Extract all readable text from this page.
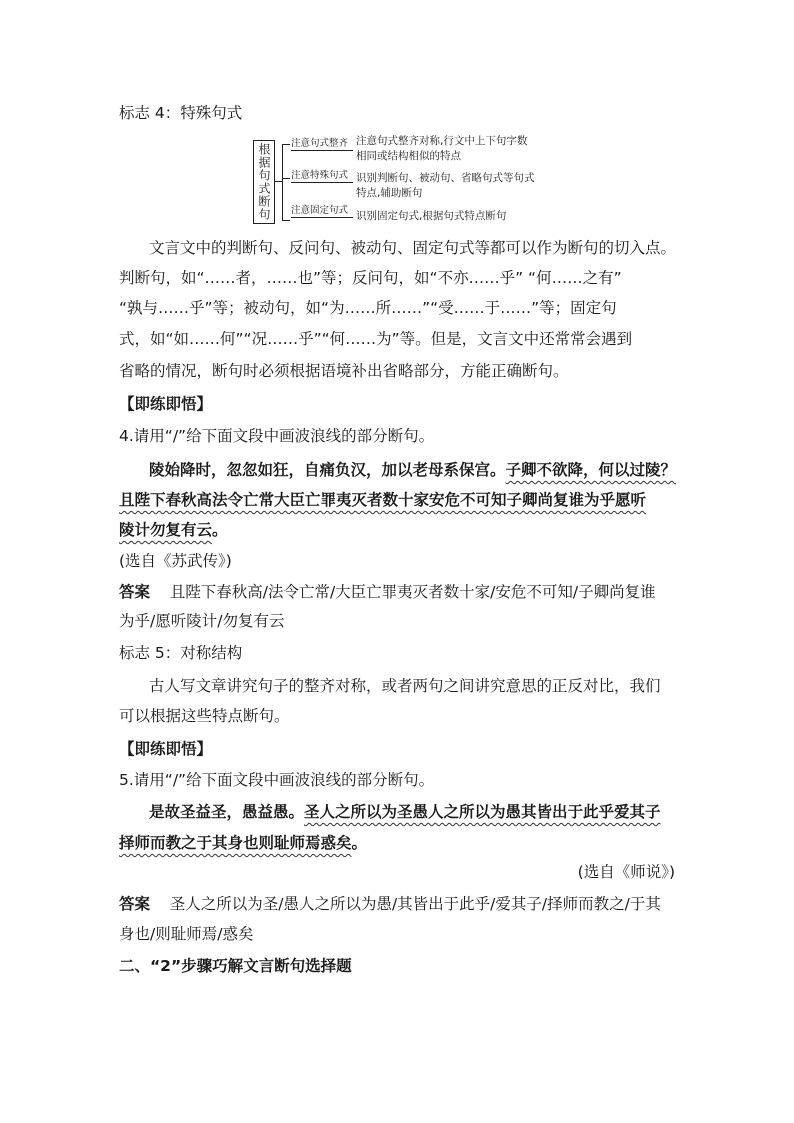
标志 4：特殊句式
根据句式断句 注意句式整齐 注意句式整齐对称,行文中上下句字数
相同或结构相似的特点
注意特殊句式 识别判断句、被动句、省略句式等句式
特点,辅助断句
注意固定句式 识别固定句式,根据句式特点断句
文言文中的判断句、反问句、被动句、固定句式等都可以作为断句的切入点。
判断句，如“……者，……也”等；反问句，如“不亦……乎” “何……之有”
“孰与……乎”等；被动句，如“为……所……”“受……于……”等；固定句
式，如“如……何”“况……乎”“何……为”等。但是，文言文中还常常会遇到
省略的情况，断句时必须根据语境补出省略部分，方能正确断句。
【即练即悟】
4.请用“/”给下面文段中画波浪线的部分断句。
陵始降时，忽忽如狂，自痛负汉，加以老母系保宫。子卿不欲降，何以过陵？
且陛下春秋高法令亡常大臣亡罪夷灭者数十家安危不可知子卿尚复谁为乎愿听
陵计勿复有云。
(选自《苏武传》)
答案 且陛下春秋高/法令亡常/大臣亡罪夷灭者数十家/安危不可知/子卿尚复谁
为乎/愿听陵计/勿复有云
标志 5：对称结构
古人写文章讲究句子的整齐对称，或者两句之间讲究意思的正反对比，我们
可以根据这些特点断句。
【即练即悟】
5.请用“/”给下面文段中画波浪线的部分断句。
是故圣益圣，愚益愚。圣人之所以为圣愚人之所以为愚其皆出于此乎爱其子
择师而教之于其身也则耻师焉惑矣。
(选自《师说》)
答案 圣人之所以为圣/愚人之所以为愚/其皆出于此乎/爱其子/择师而教之/于其
身也/则耻师焉/惑矣
二、“2”步骤巧解文言断句选择题
